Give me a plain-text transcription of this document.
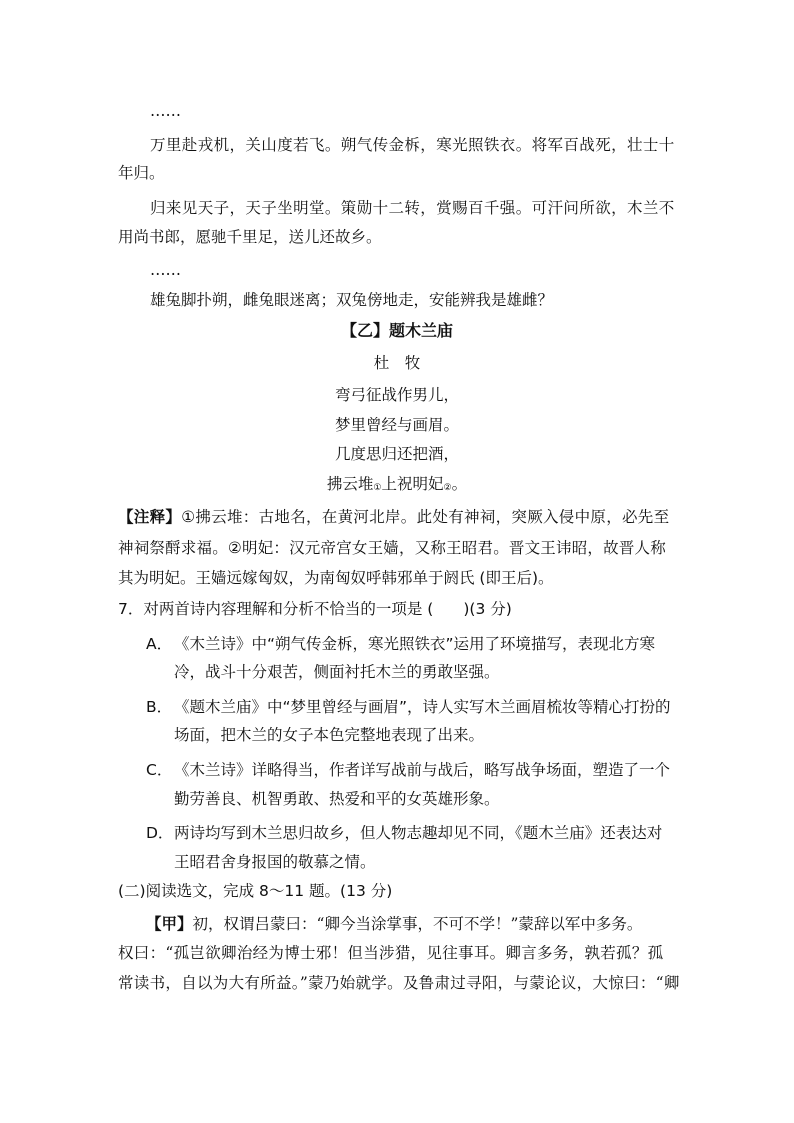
……
万里赴戎机，关山度若飞。朔气传金柝，寒光照铁衣。将军百战死，壮士十
年归。
归来见天子，天子坐明堂。策勋十二转，赏赐百千强。可汗问所欲，木兰不
用尚书郎，愿驰千里足，送儿还故乡。
……
雄兔脚扑朔，雌兔眼迷离；双兔傍地走，安能辨我是雄雌？
【乙】题木兰庙
杜　牧
弯弓征战作男儿，
梦里曾经与画眉。
几度思归还把酒，
拂云堆$_①$上祝明妃$_②$。
【注释】①拂云堆：古地名，在黄河北岸。此处有神祠，突厥入侵中原，必先至
神祠祭酹求福。②明妃：汉元帝宫女王嫱，又称王昭君。晋文王讳昭，故晋人称
其为明妃。王嫱远嫁匈奴，为南匈奴呼韩邪单于阏氏 (即王后)。
7．对两首诗内容理解和分析不恰当的一项是 ( )(3 分)
A． 《木兰诗》中“朔气传金柝，寒光照铁衣”运用了环境描写，表现北方寒
冷，战斗十分艰苦，侧面衬托木兰的勇敢坚强。
B． 《题木兰庙》中“梦里曾经与画眉”，诗人实写木兰画眉梳妆等精心打扮的
场面，把木兰的女子本色完整地表现了出来。
C． 《木兰诗》详略得当，作者详写战前与战后，略写战争场面，塑造了一个
勤劳善良、机智勇敢、热爱和平的女英雄形象。
D． 两诗均写到木兰思归故乡，但人物志趣却见不同，《题木兰庙》还表达对
王昭君舍身报国的敬慕之情。
(二)阅读选文，完成 8～11 题。(13 分)
【甲】初，权谓吕蒙曰：“卿今当涂掌事，不可不学！”蒙辞以军中多务。
权曰：“孤岂欲卿治经为博士邪！但当涉猎，见往事耳。卿言多务，孰若孤？孤
常读书，自以为大有所益。”蒙乃始就学。及鲁肃过寻阳，与蒙论议，大惊曰：“卿
